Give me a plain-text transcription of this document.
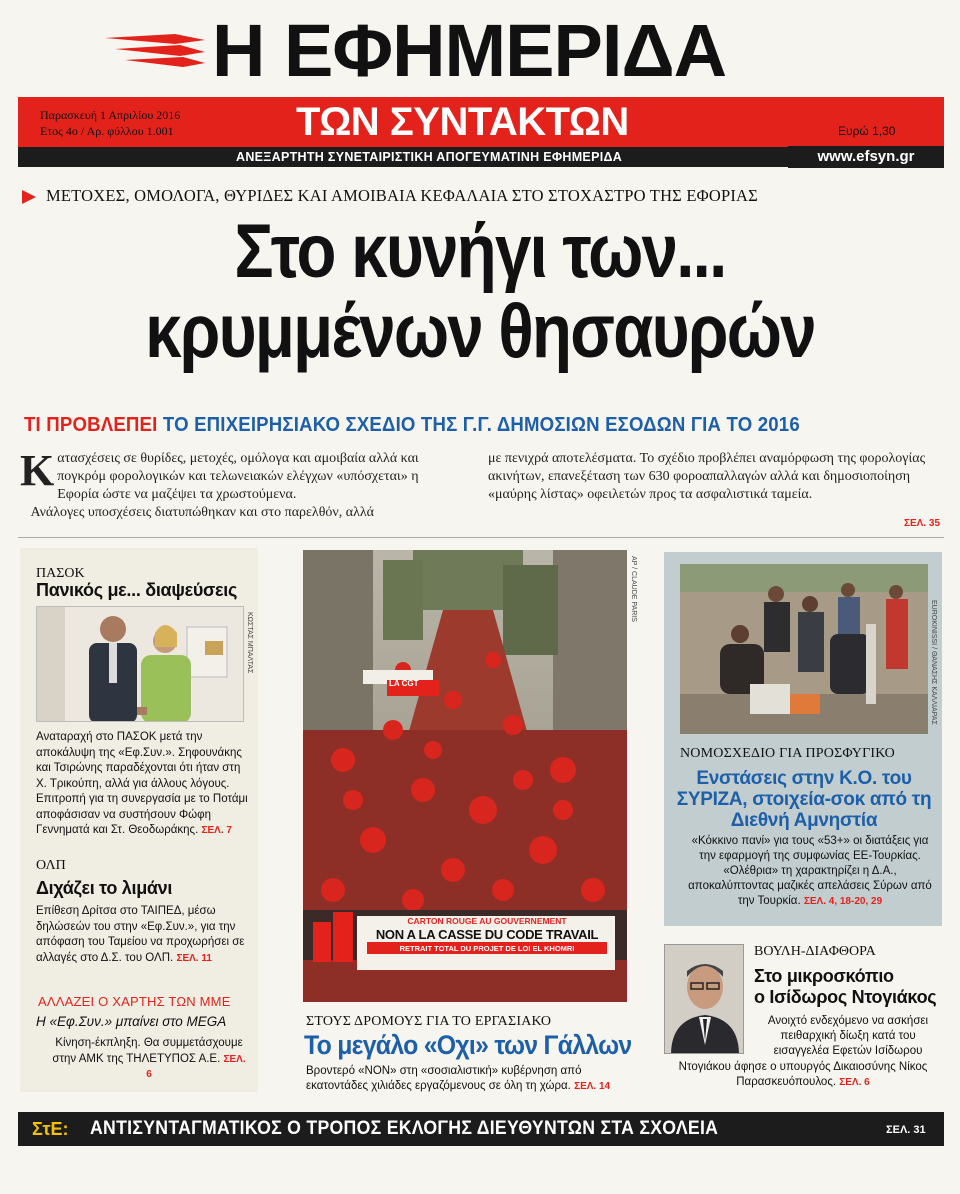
Η ΕΦΗΜΕΡΙΔΑ
Παρασκευή 1 Απριλίου 2016
Ετος 4ο / Αρ. φύλλου 1.001	ΤΩΝ ΣΥΝΤΑΚΤΩΝ	Ευρώ 1,30
ΑΝΕΞΑΡΤΗΤΗ ΣΥΝΕΤΑΙΡΙΣΤΙΚΗ ΑΠΟΓΕΥΜΑΤΙΝΗ ΕΦΗΜΕΡΙΔΑ	www.efsyn.gr
ΜΕΤΟΧΕΣ, ΟΜΟΛΟΓΑ, ΘΥΡΙΔΕΣ ΚΑΙ ΑΜΟΙΒΑΙΑ ΚΕΦΑΛΑΙΑ ΣΤΟ ΣΤΟΧΑΣΤΡΟ ΤΗΣ ΕΦΟΡΙΑΣ
Στο κυνήγι των...
κρυμμένων θησαυρών
ΤΙ ΠΡΟΒΛΕΠΕΙ ΤΟ ΕΠΙΧΕΙΡΗΣΙΑΚΟ ΣΧΕΔΙΟ ΤΗΣ Γ.Γ. ΔΗΜΟΣΙΩΝ ΕΣΟΔΩΝ ΓΙΑ ΤΟ 2016
Κατασχέσεις σε θυρίδες, μετοχές, ομόλογα και αμοιβαία αλλά και πογκρόμ φορολογικών και τελωνειακών ελέγχων «υπόσχεται» η Εφορία ώστε να μαζέψει τα χρωστούμενα.
Ανάλογες υποσχέσεις διατυπώθηκαν και στο παρελθόν, αλλά
με πενιχρά αποτελέσματα. Το σχέδιο προβλέπει αναμόρφωση της φορολογίας ακινήτων, επανεξέταση των 630 φοροαπαλλαγών αλλά και δημοσιοποίηση «μαύρης λίστας» οφειλετών προς τα ασφαλιστικά ταμεία.
ΣΕΛ. 35
ΠΑΣΟΚ
Πανικός με... διαψεύσεις
ΚΩΣΤΑΣ ΜΠΑΛΤΑΣ
Αναταραχή στο ΠΑΣΟΚ μετά την αποκάλυψη της «Εφ.Συν.». Σηφουνάκης και Τσιρώνης παραδέχονται ότι ήταν στη Χ. Τρικούπη, αλλά για άλλους λόγους. Επιτροπή για τη συνεργασία με το Ποτάμι αποφάσισαν να συστήσουν Φώφη Γεννηματά και Στ. Θεοδωράκης. ΣΕΛ. 7
ΟΛΠ
Διχάζει το λιμάνι
Επίθεση Δρίτσα στο ΤΑΙΠΕΔ, μέσω δηλώσεών του στην «Εφ.Συν.», για την απόφαση του Ταμείου να προχωρήσει σε αλλαγές στο Δ.Σ. του ΟΛΠ. ΣΕΛ. 11
ΑΛΛΑΖΕΙ Ο ΧΑΡΤΗΣ ΤΩΝ ΜΜΕ
Η «Εφ.Συν.» μπαίνει στο MEGA
Κίνηση-έκπληξη. Θα συμμετάσχουμε στην ΑΜΚ της ΤΗΛΕΤΥΠΟΣ Α.Ε. ΣΕΛ. 6
LA CGT
CARTON ROUGE AU GOUVERNEMENT
NON A LA CASSE DU CODE TRAVAIL
RETRAIT TOTAL DU PROJET DE LOI EL KHOMRI
AP / CLAUDE PARIS
ΣΤΟΥΣ ΔΡΟΜΟΥΣ ΓΙΑ ΤΟ ΕΡΓΑΣΙΑΚΟ
Το μεγάλο «Οχι» των Γάλλων
Βροντερό «NON» στη «σοσιαλιστική» κυβέρνηση από εκατοντάδες χιλιάδες εργαζόμενους σε όλη τη χώρα. ΣΕΛ. 14
EUROKINISSI / ΘΑΝΑΣΗΣ ΚΑΛΛΙΑΡΑΣ
ΝΟΜΟΣΧΕΔΙΟ ΓΙΑ ΠΡΟΣΦΥΓΙΚΟ
Ενστάσεις στην Κ.Ο. του ΣΥΡΙΖΑ, στοιχεία-σοκ από τη Διεθνή Αμνηστία
«Κόκκινο πανί» για τους «53+» οι διατάξεις για την εφαρμογή της συμφωνίας ΕΕ-Τουρκίας. «Ολέθρια» τη χαρακτηρίζει η Δ.Α., αποκαλύπτοντας μαζικές απελάσεις Σύρων από την Τουρκία. ΣΕΛ. 4, 18-20, 29
ΒΟΥΛΗ-ΔΙΑΦΘΟΡΑ
Στο μικροσκόπιο
ο Ισίδωρος Ντογιάκος
Ανοιχτό ενδεχόμενο να ασκήσει πειθαρχική δίωξη κατά του εισαγγελέα Εφετών Ισίδωρου
Ντογιάκου άφησε ο υπουργός Δικαιοσύνης Νίκος Παρασκευόπουλος. ΣΕΛ. 6
ΣτΕ: ΑΝΤΙΣΥΝΤΑΓΜΑΤΙΚΟΣ Ο ΤΡΟΠΟΣ ΕΚΛΟΓΗΣ ΔΙΕΥΘΥΝΤΩΝ ΣΤΑ ΣΧΟΛΕΙΑ	ΣΕΛ. 31
